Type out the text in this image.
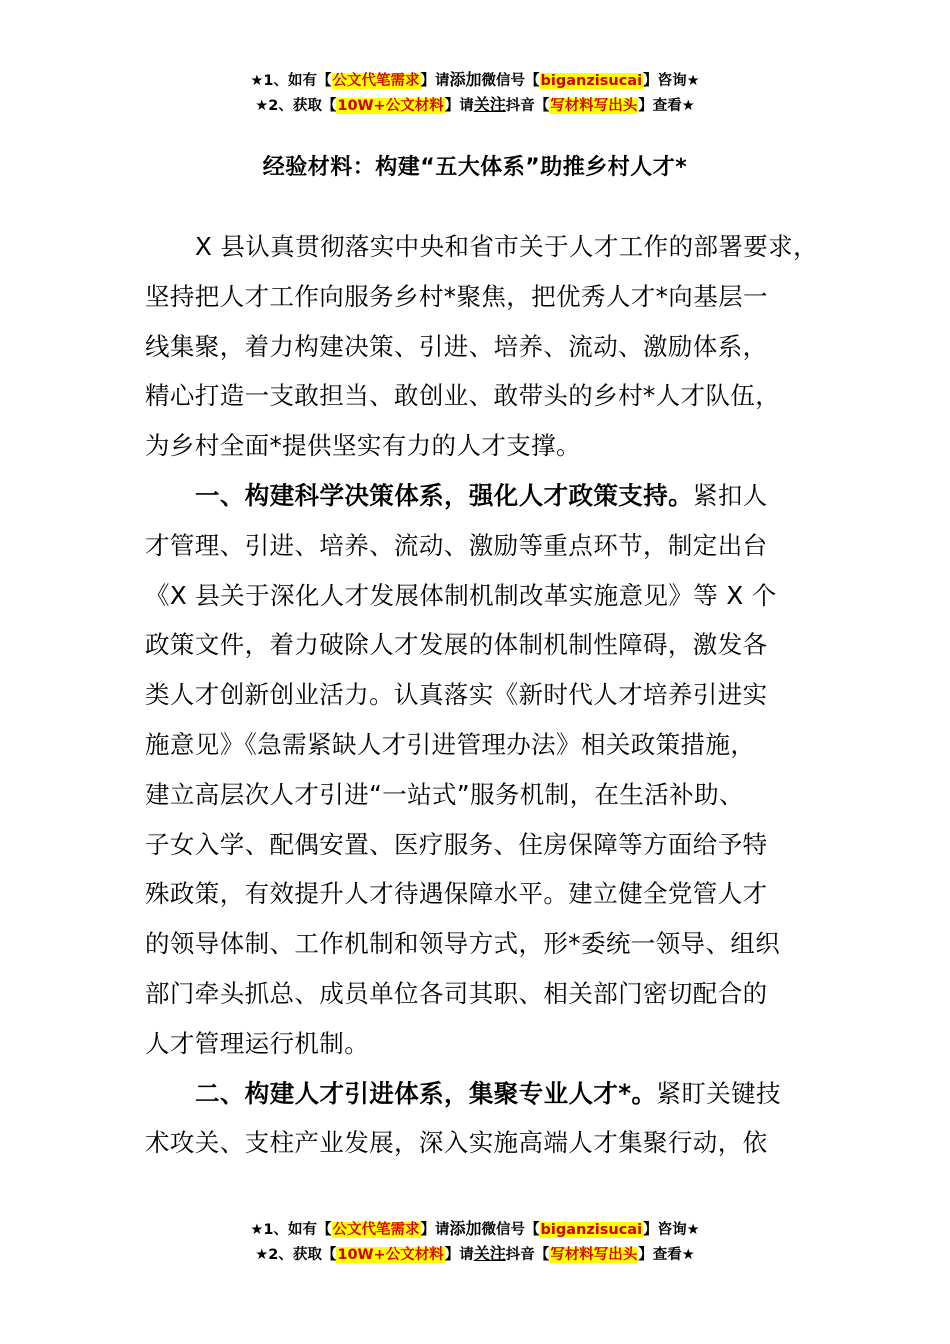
★1、如有【公文代笔需求】请添加微信号【biganzisucai】咨询★
★2、获取【10W+公文材料】请关注抖音【写材料写出头】查看★
经验材料：构建“五大体系”助推乡村人才*

X 县认真贯彻落实中央和省市关于人才工作的部署要求，
坚持把人才工作向服务乡村*聚焦，把优秀人才*向基层一
线集聚，着力构建决策、引进、培养、流动、激励体系，
精心打造一支敢担当、敢创业、敢带头的乡村*人才队伍，
为乡村全面*提供坚实有力的人才支撑。

一、构建科学决策体系，强化人才政策支持。紧扣人
才管理、引进、培养、流动、激励等重点环节，制定出台
《X 县关于深化人才发展体制机制改革实施意见》等 X 个
政策文件，着力破除人才发展的体制机制性障碍，激发各
类人才创新创业活力。认真落实《新时代人才培养引进实
施意见》《急需紧缺人才引进管理办法》相关政策措施，
建立高层次人才引进“一站式”服务机制，在生活补助、
子女入学、配偶安置、医疗服务、住房保障等方面给予特
殊政策，有效提升人才待遇保障水平。建立健全党管人才
的领导体制、工作机制和领导方式，形*委统一领导、组织
部门牵头抓总、成员单位各司其职、相关部门密切配合的
人才管理运行机制。

二、构建人才引进体系，集聚专业人才*。紧盯关键技
术攻关、支柱产业发展，深入实施高端人才集聚行动，依

★1、如有【公文代笔需求】请添加微信号【biganzisucai】咨询★
★2、获取【10W+公文材料】请关注抖音【写材料写出头】查看★
